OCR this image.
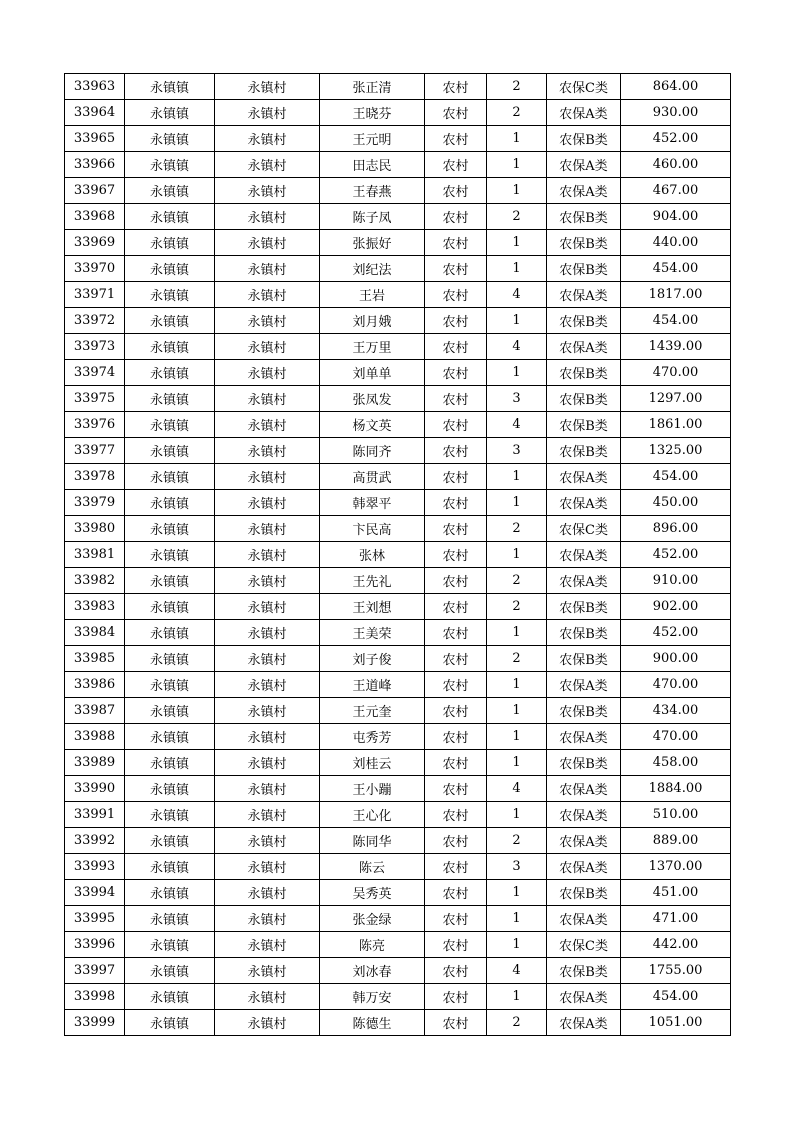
33963	永镇镇	永镇村	张正清	农村	2	农保C类	864.00
33964	永镇镇	永镇村	王晓芬	农村	2	农保A类	930.00
33965	永镇镇	永镇村	王元明	农村	1	农保B类	452.00
33966	永镇镇	永镇村	田志民	农村	1	农保A类	460.00
33967	永镇镇	永镇村	王春燕	农村	1	农保A类	467.00
33968	永镇镇	永镇村	陈子凤	农村	2	农保B类	904.00
33969	永镇镇	永镇村	张振好	农村	1	农保B类	440.00
33970	永镇镇	永镇村	刘纪法	农村	1	农保B类	454.00
33971	永镇镇	永镇村	王岩	农村	4	农保A类	1817.00
33972	永镇镇	永镇村	刘月娥	农村	1	农保B类	454.00
33973	永镇镇	永镇村	王万里	农村	4	农保A类	1439.00
33974	永镇镇	永镇村	刘单单	农村	1	农保B类	470.00
33975	永镇镇	永镇村	张凤发	农村	3	农保B类	1297.00
33976	永镇镇	永镇村	杨文英	农村	4	农保B类	1861.00
33977	永镇镇	永镇村	陈同齐	农村	3	农保B类	1325.00
33978	永镇镇	永镇村	高贯武	农村	1	农保A类	454.00
33979	永镇镇	永镇村	韩翠平	农村	1	农保A类	450.00
33980	永镇镇	永镇村	卞民高	农村	2	农保C类	896.00
33981	永镇镇	永镇村	张林	农村	1	农保A类	452.00
33982	永镇镇	永镇村	王先礼	农村	2	农保A类	910.00
33983	永镇镇	永镇村	王刘想	农村	2	农保B类	902.00
33984	永镇镇	永镇村	王美荣	农村	1	农保B类	452.00
33985	永镇镇	永镇村	刘子俊	农村	2	农保B类	900.00
33986	永镇镇	永镇村	王道峰	农村	1	农保A类	470.00
33987	永镇镇	永镇村	王元奎	农村	1	农保B类	434.00
33988	永镇镇	永镇村	屯秀芳	农村	1	农保A类	470.00
33989	永镇镇	永镇村	刘桂云	农村	1	农保B类	458.00
33990	永镇镇	永镇村	王小蹦	农村	4	农保A类	1884.00
33991	永镇镇	永镇村	王心化	农村	1	农保A类	510.00
33992	永镇镇	永镇村	陈同华	农村	2	农保A类	889.00
33993	永镇镇	永镇村	陈云	农村	3	农保A类	1370.00
33994	永镇镇	永镇村	吴秀英	农村	1	农保B类	451.00
33995	永镇镇	永镇村	张金绿	农村	1	农保A类	471.00
33996	永镇镇	永镇村	陈亮	农村	1	农保C类	442.00
33997	永镇镇	永镇村	刘冰春	农村	4	农保B类	1755.00
33998	永镇镇	永镇村	韩万安	农村	1	农保A类	454.00
33999	永镇镇	永镇村	陈德生	农村	2	农保A类	1051.00
